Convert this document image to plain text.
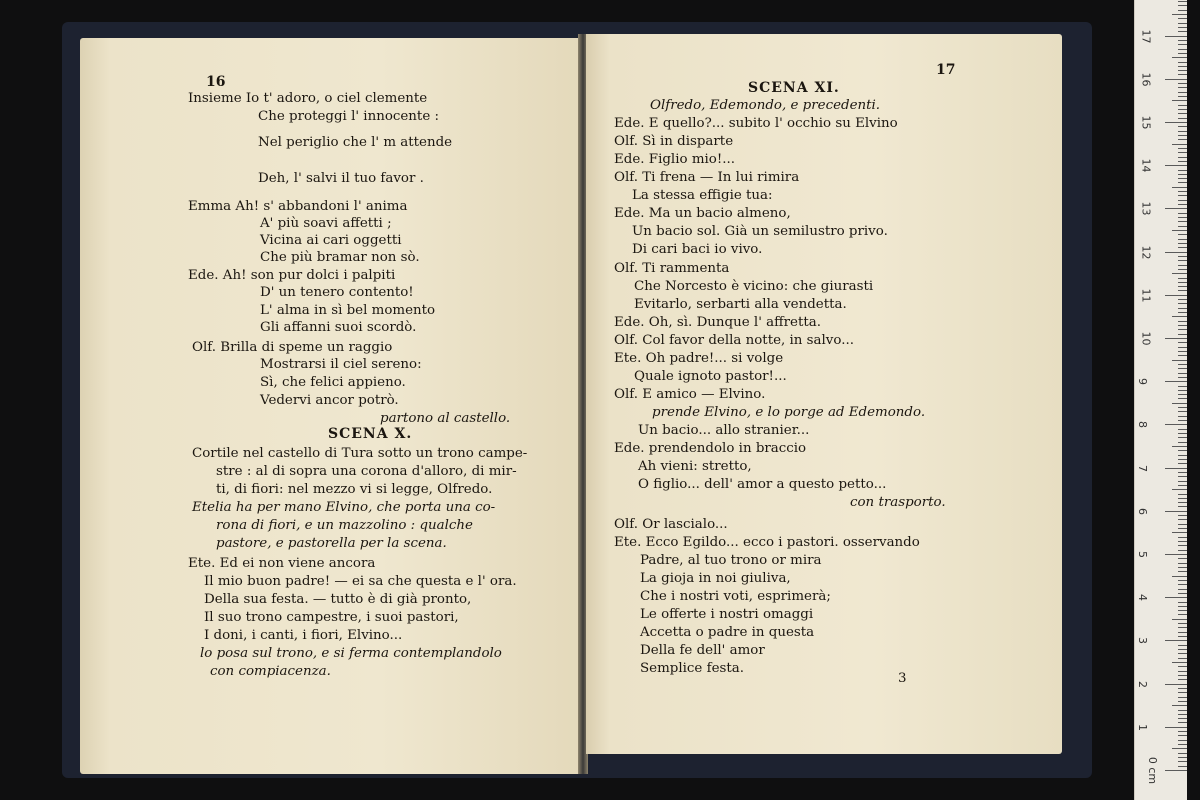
16
Insieme Io t' adoro, o ciel clemente
Che proteggi l' innocente :
Nel periglio che l' m attende
Deh, l' salvi il tuo favor .
Emma Ah! s' abbandoni l' anima
A' più soavi affetti ;
Vicina ai cari oggetti
Che più bramar non sò.
Ede. Ah! son pur dolci i palpiti
D' un tenero contento!
L' alma in sì bel momento
Gli affanni suoi scordò.
Olf. Brilla di speme un raggio
Mostrarsi il ciel sereno:
Sì, che felici appieno.
Vedervi ancor potrò.
partono al castello.
SCENA X.
Cortile nel castello di Tura sotto un trono campe-
stre : al di sopra una corona d'alloro, di mir-
ti, di fiori: nel mezzo vi si legge, Olfredo.
Etelia ha per mano Elvino, che porta una co-
rona di fiori, e un mazzolino : qualche
pastore, e pastorella per la scena.
Ete. Ed ei non viene ancora
Il mio buon padre! — ei sa che questa e l' ora.
Della sua festa. — tutto è di già pronto,
Il suo trono campestre, i suoi pastori,
I doni, i canti, i fiori, Elvino...
lo posa sul trono, e si ferma contemplandolo
con compiacenza.
17
SCENA XI.
Olfredo, Edemondo, e precedenti.
Ede. E quello?... subito l' occhio su Elvino
Olf. Sì in disparte
Ede. Figlio mio!...
Olf. Ti frena — In lui rimira
La stessa effigie tua:
Ede. Ma un bacio almeno,
Un bacio sol. Già un semilustro privo.
Di cari baci io vivo.
Olf. Ti rammenta
Che Norcesto è vicino: che giurasti
Evitarlo, serbarti alla vendetta.
Ede. Oh, sì. Dunque l' affretta.
Olf. Col favor della notte, in salvo...
Ete. Oh padre!... si volge
Quale ignoto pastor!...
Olf. E amico — Elvino.
prende Elvino, e lo porge ad Edemondo.
Un bacio... allo stranier...
Ede. prendendolo in braccio
Ah vieni: stretto,
O figlio... dell' amor a questo petto...
con trasporto.
Olf. Or lascialo...
Ete. Ecco Egildo... ecco i pastori. osservando
Padre, al tuo trono or mira
La gioja in noi giuliva,
Che i nostri voti, esprimerà;
Le offerte i nostri omaggi
Accetta o padre in questa
Della fe dell' amor
Semplice festa.
3
0 cm
1
2
3
4
5
6
7
8
9
10
11
12
13
14
15
16
17
